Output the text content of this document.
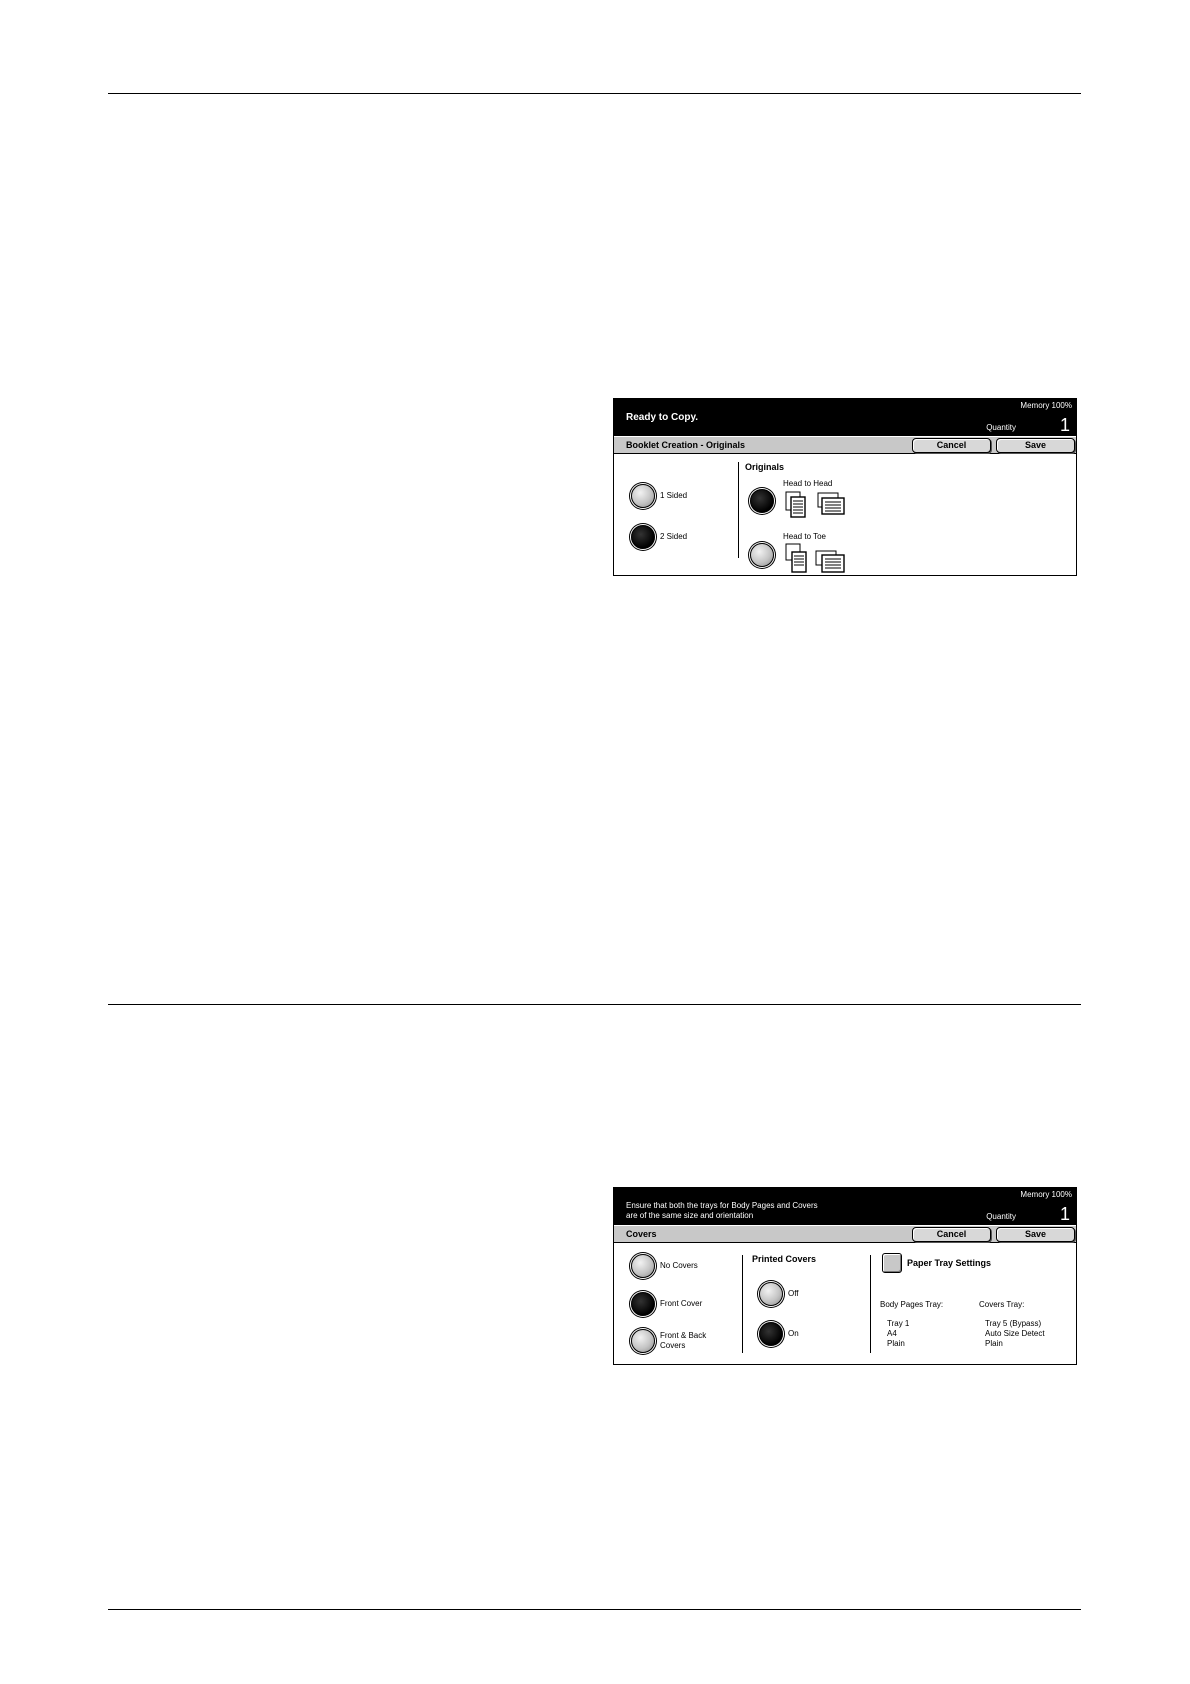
Ready to Copy.
Memory 100%
Quantity 1
Booklet Creation - Originals	Cancel	Save
1 Sided
2 Sided
Originals
Head to Head
Head to Toe
Ensure that both the trays for Body Pages and Covers
are of the same size and orientation
Memory 100%
Quantity 1
Covers	Cancel	Save
No Covers
Front Cover
Front & Back
Covers
Printed Covers
Off
On
Paper Tray Settings
Body Pages Tray:
Tray 1
A4
Plain
Covers Tray:
Tray 5 (Bypass)
Auto Size Detect
Plain
